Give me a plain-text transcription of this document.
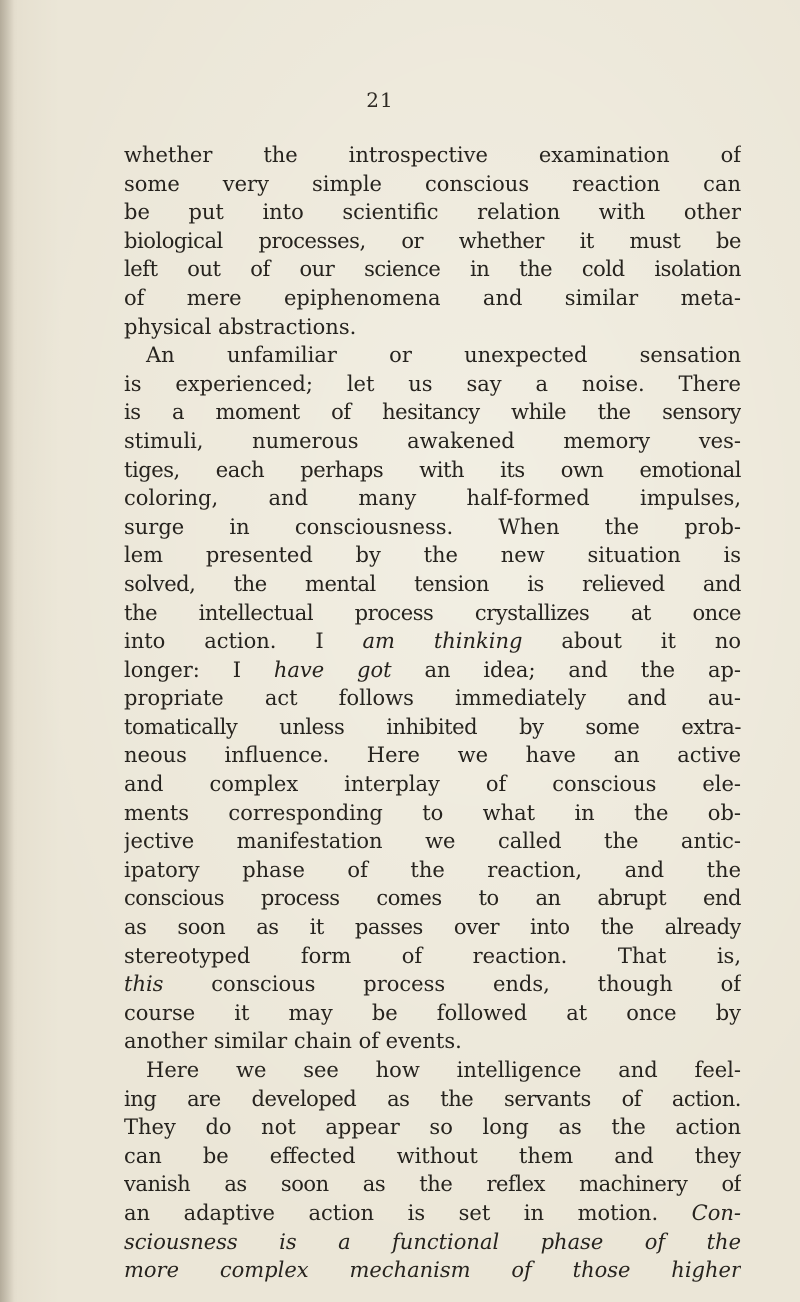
21

whether the introspective examination of

some very simple conscious reaction can

be put into scientific relation with other

biological processes, or whether it must be

left out of our science in the cold isolation

of mere epiphenomena and similar meta-

physical abstractions.

An unfamiliar or unexpected sensation

is experienced; let us say a noise. There

is a moment of hesitancy while the sensory

stimuli, numerous awakened memory ves-

tiges, each perhaps with its own emotional

coloring, and many half-formed impulses,

surge in consciousness. When the prob-

lem presented by the new situation is

solved, the mental tension is relieved and

the intellectual process crystallizes at once

into action. I am thinking about it no

longer: I have got an idea; and the ap-

propriate act follows immediately and au-

tomatically unless inhibited by some extra-

neous influence. Here we have an active

and complex interplay of conscious ele-

ments corresponding to what in the ob-

jective manifestation we called the antic-

ipatory phase of the reaction, and the

conscious process comes to an abrupt end

as soon as it passes over into the already

stereotyped form of reaction. That is,

this conscious process ends, though of

course it may be followed at once by

another similar chain of events.

Here we see how intelligence and feel-

ing are developed as the servants of action.

They do not appear so long as the action

can be effected without them and they

vanish as soon as the reflex machinery of

an adaptive action is set in motion. Con-

sciousness is a functional phase of the

more complex mechanism of those higher
